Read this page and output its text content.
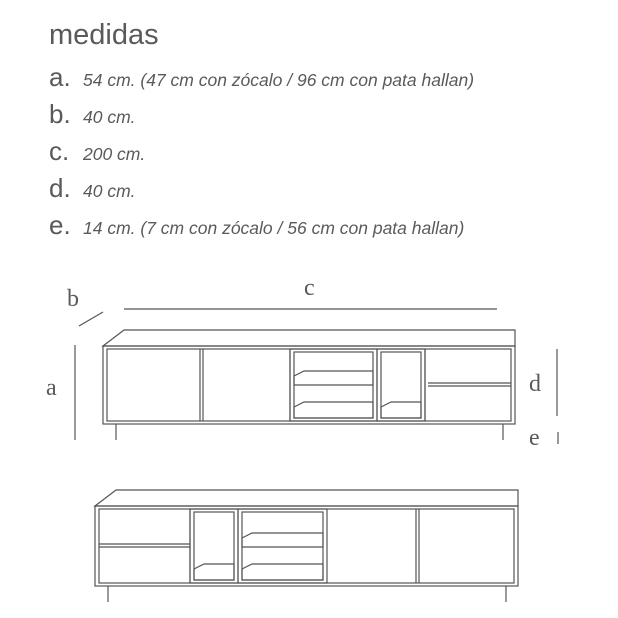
medidas
a. 54 cm. (47 cm con zócalo / 96 cm con pata hallan)
b. 40 cm.
c. 200 cm.
d. 40 cm.
e. 14 cm. (7 cm con zócalo / 56 cm con pata hallan)
b	c
a	d
e
